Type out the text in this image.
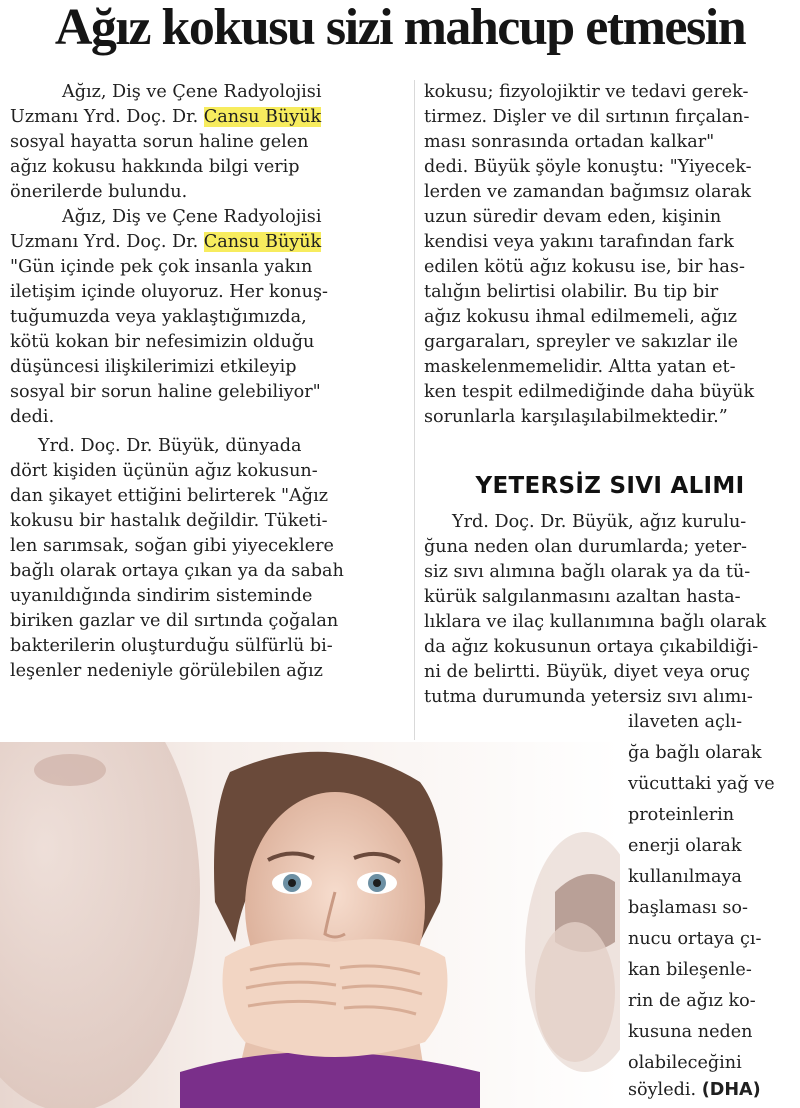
Ağız kokusu sizi mahcup etmesin

Ağız, Diş ve Çene Radyolojisi

Uzmanı Yrd. Doç. Dr. Cansu Büyük

sosyal hayatta sorun haline gelen

ağız kokusu hakkında bilgi verip

önerilerde bulundu.

Ağız, Diş ve Çene Radyolojisi

Uzmanı Yrd. Doç. Dr. Cansu Büyük

"Gün içinde pek çok insanla yakın

iletişim içinde oluyoruz. Her konuş-

tuğumuzda veya yaklaştığımızda,

kötü kokan bir nefesimizin olduğu

düşüncesi ilişkilerimizi etkileyip

sosyal bir sorun haline gelebiliyor"

dedi.

Yrd. Doç. Dr. Büyük, dünyada

dört kişiden üçünün ağız kokusun-

dan şikayet ettiğini belirterek "Ağız

kokusu bir hastalık değildir. Tüketi-

len sarımsak, soğan gibi yiyeceklere

bağlı olarak ortaya çıkan ya da sabah

uyanıldığında sindirim sisteminde

biriken gazlar ve dil sırtında çoğalan

bakterilerin oluşturduğu sülfürlü bi-

leşenler nedeniyle görülebilen ağız

kokusu; fizyolojiktir ve tedavi gerek-

tirmez. Dişler ve dil sırtının fırçalan-

ması sonrasında ortadan kalkar"

dedi. Büyük şöyle konuştu: "Yiyecek-

lerden ve zamandan bağımsız olarak

uzun süredir devam eden, kişinin

kendisi veya yakını tarafından fark

edilen kötü ağız kokusu ise, bir has-

talığın belirtisi olabilir. Bu tip bir

ağız kokusu ihmal edilmemeli, ağız

gargaraları, spreyler ve sakızlar ile

maskelenmemelidir. Altta yatan et-

ken tespit edilmediğinde daha büyük

sorunlarla karşılaşılabilmektedir.”

YETERSİZ SIVI ALIMI

Yrd. Doç. Dr. Büyük, ağız kurulu-

ğuna neden olan durumlarda; yeter-

siz sıvı alımına bağlı olarak ya da tü-

kürük salgılanmasını azaltan hasta-

lıklara ve ilaç kullanımına bağlı olarak

da ağız kokusunun ortaya çıkabildiği-

ni de belirtti. Büyük, diyet veya oruç

tutma durumunda yetersiz sıvı alımı-

ilaveten açlı-

ğa bağlı olarak

vücuttaki yağ ve

proteinlerin

enerji olarak

kullanılmaya

başlaması so-

nucu ortaya çı-

kan bileşenle-

rin de ağız ko-

kusuna neden

olabileceğini

söyledi. (DHA)
